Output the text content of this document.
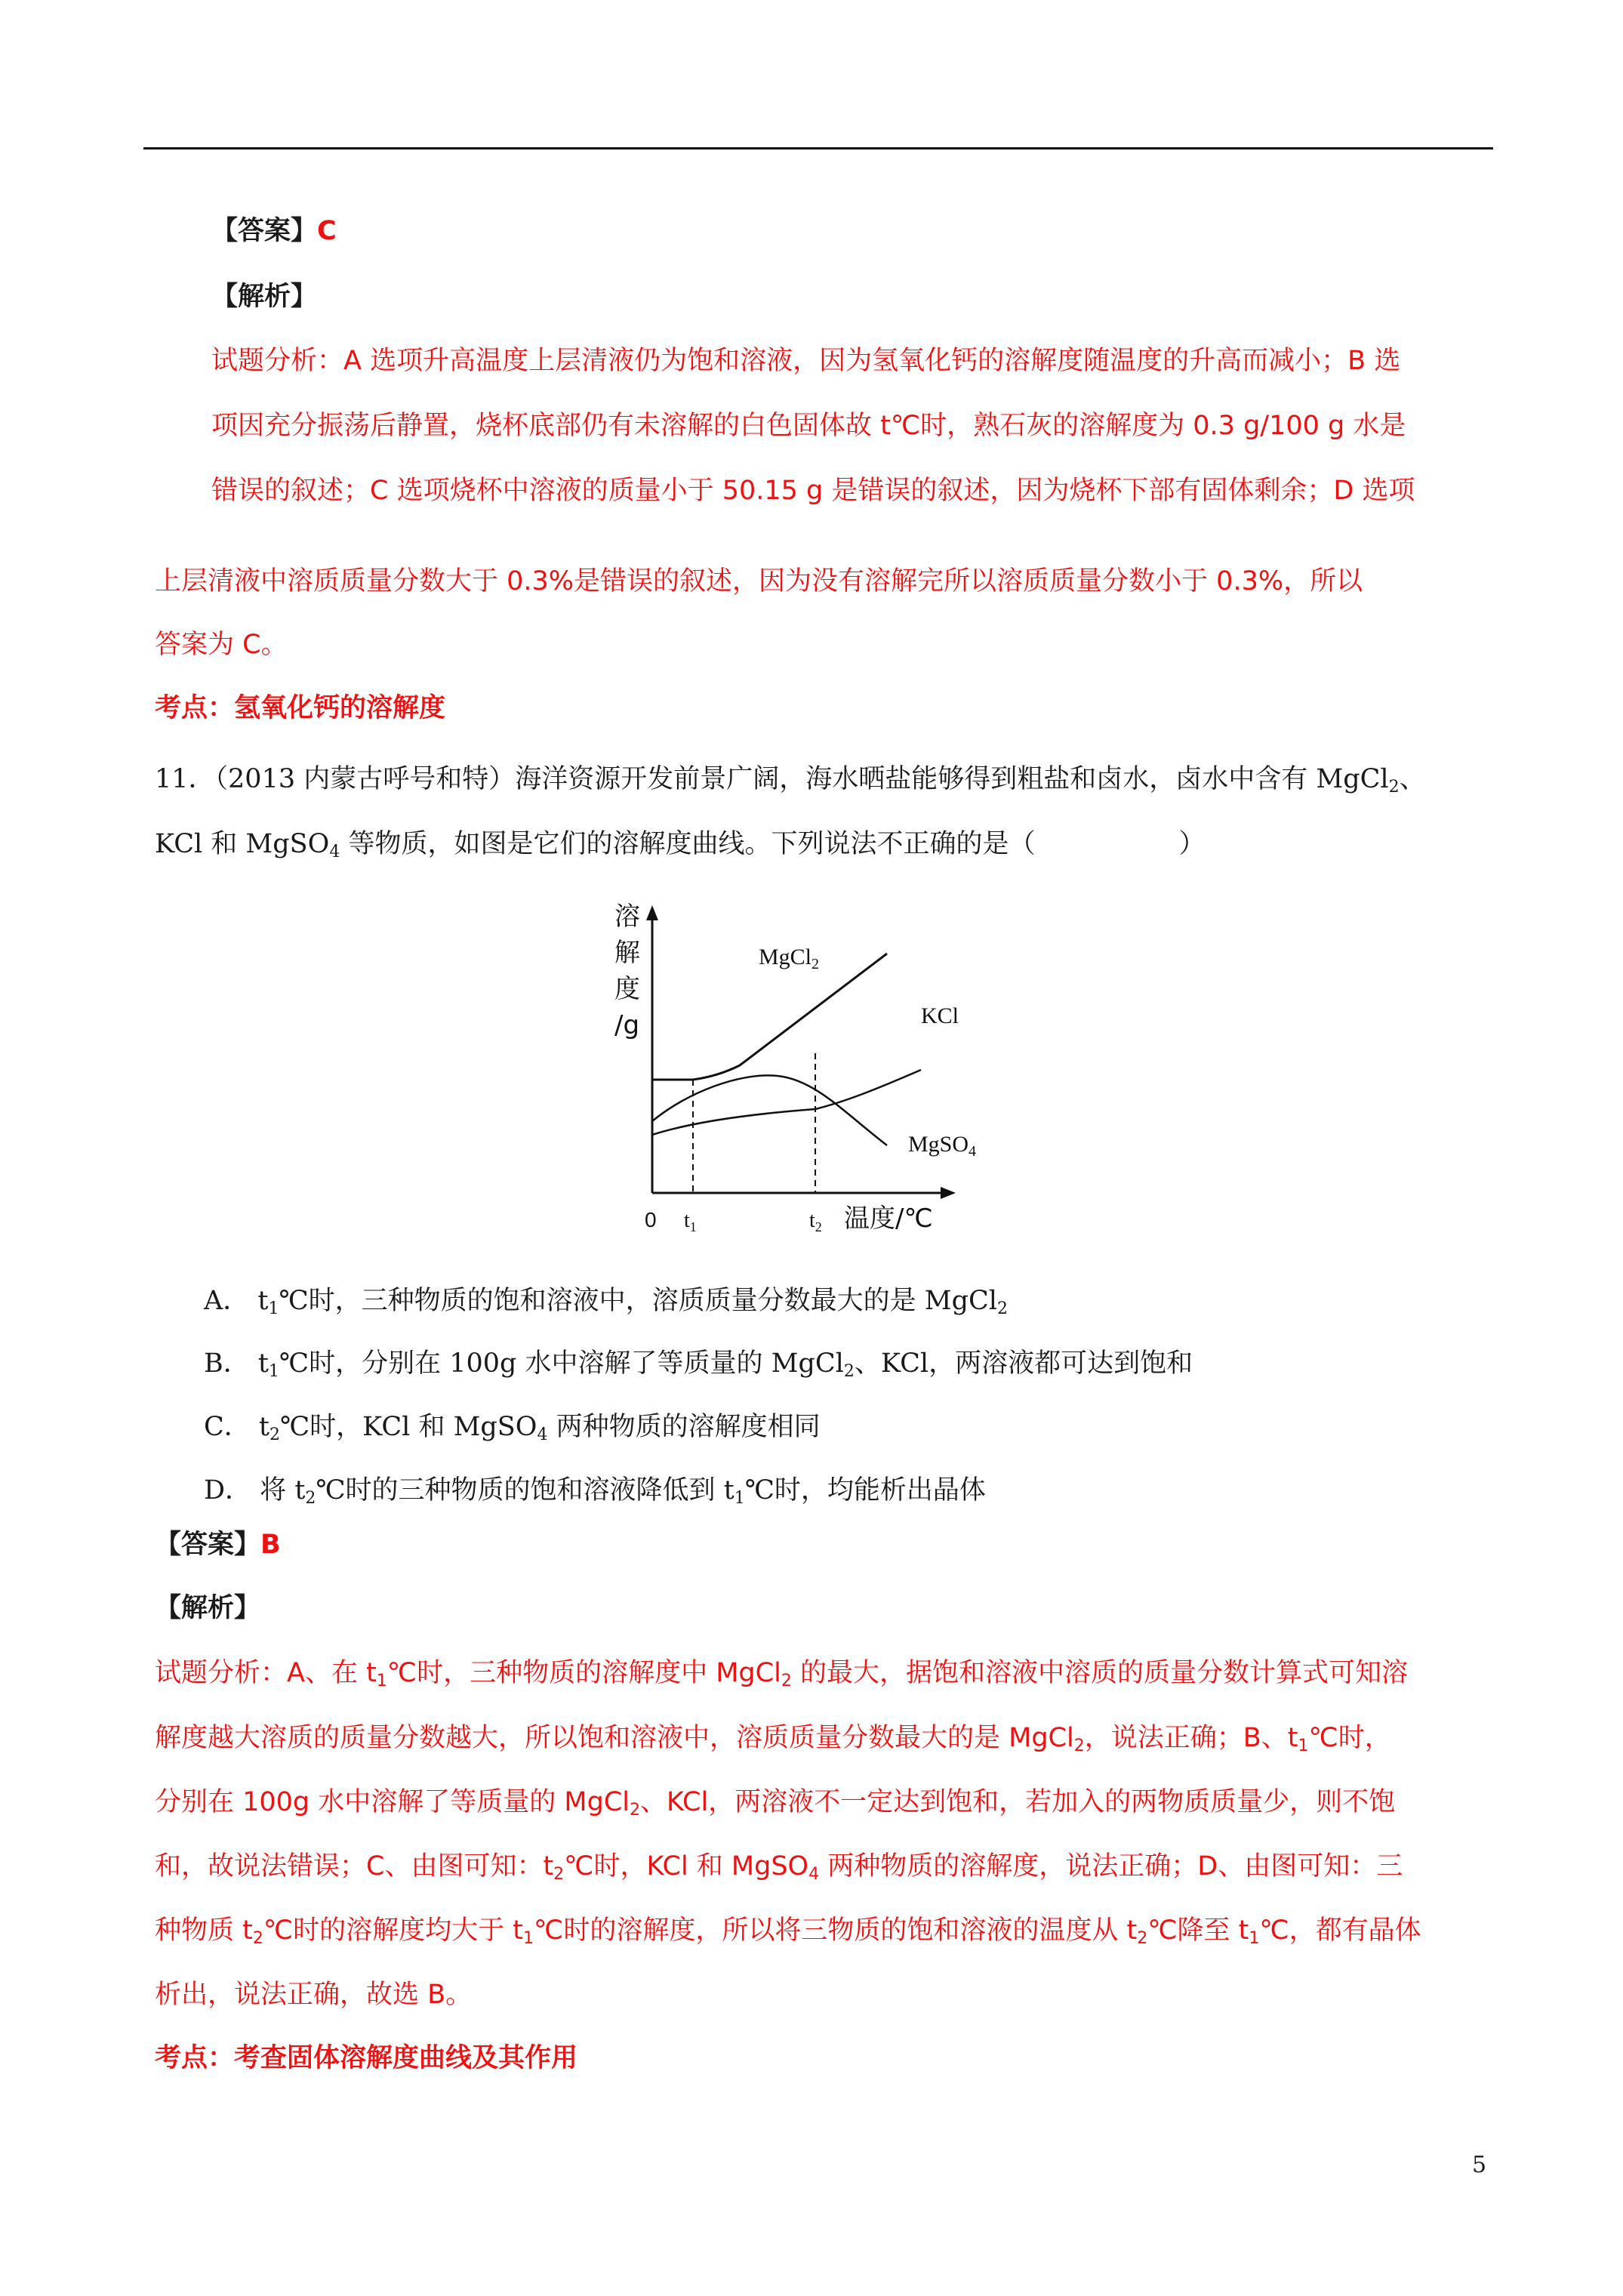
【答案】C
【解析】
试题分析：A 选项升高温度上层清液仍为饱和溶液，因为氢氧化钙的溶解度随温度的升高而减小；B 选
项因充分振荡后静置，烧杯底部仍有未溶解的白色固体故 t℃时，熟石灰的溶解度为 0.3 g/100 g 水是
错误的叙述；C 选项烧杯中溶液的质量小于 50.15 g 是错误的叙述，因为烧杯下部有固体剩余；D 选项
上层清液中溶质质量分数大于 0.3%是错误的叙述，因为没有溶解完所以溶质质量分数小于 0.3%，所以
答案为 C。
考点：氢氧化钙的溶解度
11．（2013 内蒙古呼号和特）海洋资源开发前景广阔，海水晒盐能够得到粗盐和卤水，卤水中含有 MgCl$_2$、
KCl 和 MgSO$_4$ 等物质，如图是它们的溶解度曲线。下列说法不正确的是（	）
溶
解
度
/g
MgCl$_2$
KCl
MgSO$_4$
0 $t_1$	$t_2$ 温度/℃
A． $t_1℃$时，三种物质的饱和溶液中，溶质质量分数最大的是 MgCl$_2$
B． $t_1℃$时，分别在 100g 水中溶解了等质量的 MgCl$_2$、KCl，两溶液都可达到饱和
C． $t_2℃$时，KCl 和 MgSO$_4$ 两种物质的溶解度相同
D． 将 $t_2℃$时的三种物质的饱和溶液降低到 $t_1℃$时，均能析出晶体
【答案】B
【解析】
试题分析：A、在 $t_1℃$时，三种物质的溶解度中 MgCl$_2$ 的最大，据饱和溶液中溶质的质量分数计算式可知溶
解度越大溶质的质量分数越大，所以饱和溶液中，溶质质量分数最大的是 MgCl$_2$，说法正确；B、$t_1℃$时，
分别在 100g 水中溶解了等质量的 MgCl$_2$、KCl，两溶液不一定达到饱和，若加入的两物质质量少，则不饱
和，故说法错误；C、由图可知：$t_2℃$时，KCl 和 MgSO$_4$ 两种物质的溶解度，说法正确；D、由图可知：三
种物质 $t_2℃$时的溶解度均大于 $t_1℃$时的溶解度，所以将三物质的饱和溶液的温度从 $t_2℃$降至 $t_1℃$，都有晶体
析出，说法正确，故选 B。
考点：考查固体溶解度曲线及其作用
5
